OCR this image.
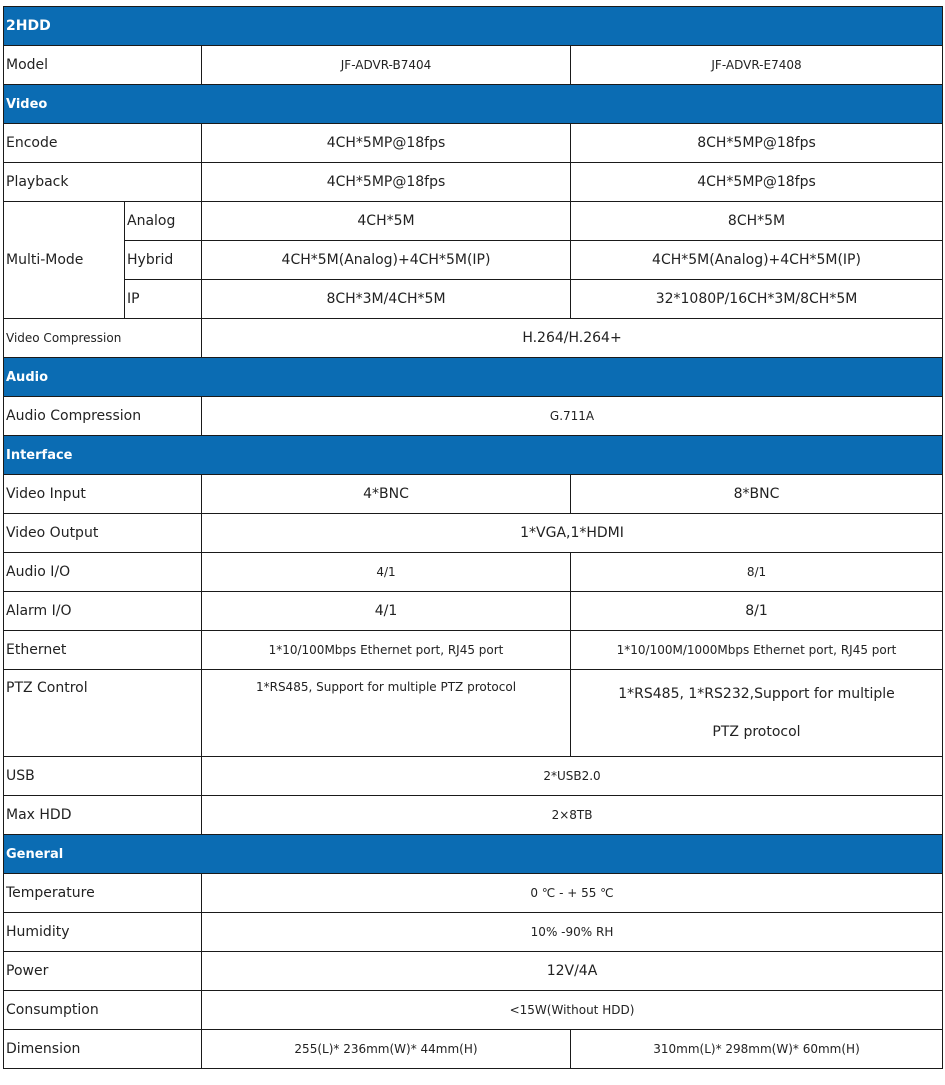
2HDD			
Model		JF-ADVR-B7404	JF-ADVR-E7408
Video			
Encode		4CH*5MP@18fps	8CH*5MP@18fps
Playback		4CH*5MP@18fps	4CH*5MP@18fps
Multi-Mode	Analog	4CH*5M	8CH*5M
	Hybrid	4CH*5M(Analog)+4CH*5M(IP)	4CH*5M(Analog)+4CH*5M(IP)
	IP	8CH*3M/4CH*5M	32*1080P/16CH*3M/8CH*5M
Video Compression		H.264/H.264+	
Audio			
Audio Compression		G.711A	
Interface			
Video Input		4*BNC	8*BNC
Video Output		1*VGA,1*HDMI	
Audio I/O		4/1	8/1
Alarm I/O		4/1	8/1
Ethernet		1*10/100Mbps Ethernet port, RJ45 port	1*10/100M/1000Mbps Ethernet port, RJ45 port
PTZ Control		1*RS485, Support for multiple PTZ protocol	1*RS485, 1*RS232,Support for multiple
PTZ protocol
USB		2*USB2.0	
Max HDD		2×8TB	
General			
Temperature		0 ℃ - + 55 ℃	
Humidity		10% -90% RH	
Power		12V/4A	
Consumption		<15W(Without HDD)	
Dimension		255(L)* 236mm(W)* 44mm(H)	310mm(L)* 298mm(W)* 60mm(H)
